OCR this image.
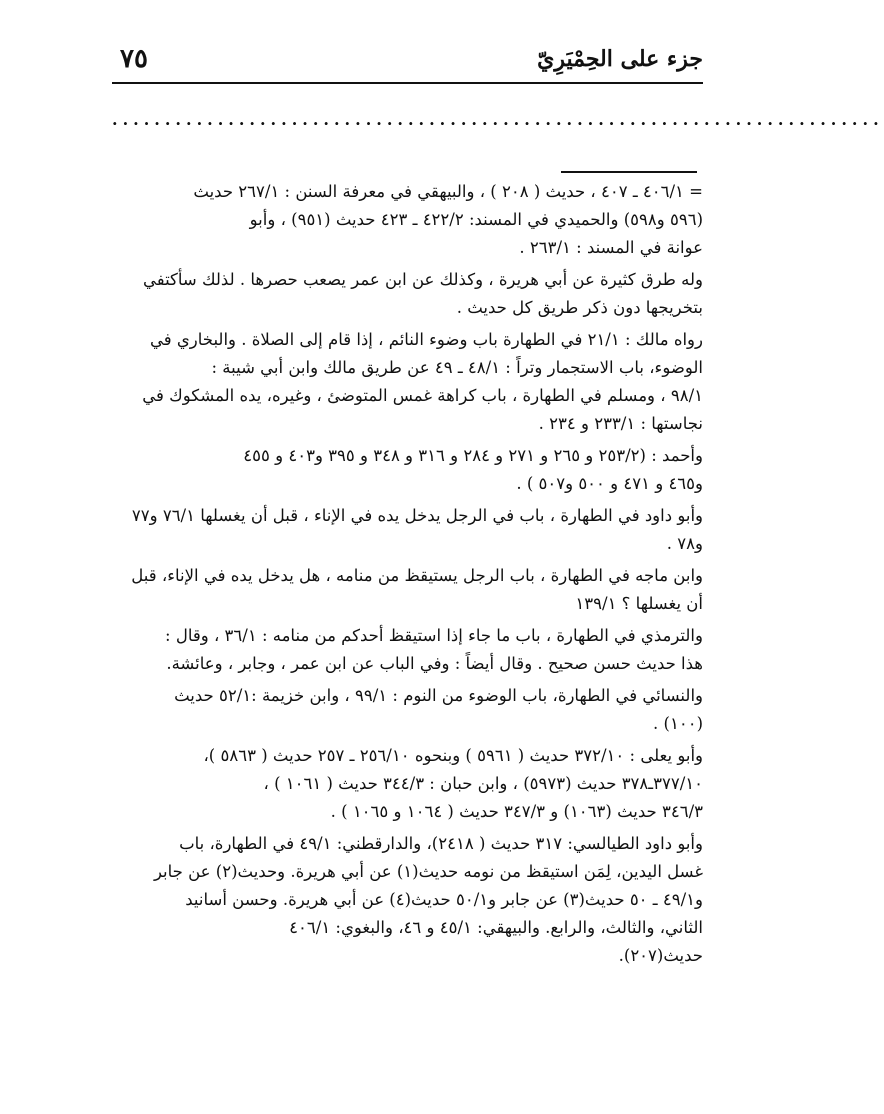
جزء على الحِمْيَرِيّ
٧٥
.........................................................................
= ٤٠٦/١ ـ ٤٠٧ ، حديث ( ٢٠٨ ) ، والبيهقي في معرفة السنن : ٢٦٧/١ حديث
(٥٩٦ و٥٩٨) والحميدي في المسند: ٤٢٢/٢ ـ ٤٢٣ حديث (٩٥١) ، وأبو
عوانة في المسند : ٢٦٣/١ .
وله طرق كثيرة عن أبي هريرة ، وكذلك عن ابن عمر يصعب حصرها . لذلك سأكتفي
بتخريجها دون ذكر طريق كل حديث .
رواه مالك : ٢١/١ في الطهارة باب وضوء النائم ، إذا قام إلى الصلاة . والبخاري في
الوضوء، باب الاستجمار وتراً : ٤٨/١ ـ ٤٩ عن طريق مالك وابن أبي شيبة :
٩٨/١ ، ومسلم في الطهارة ، باب كراهة غمس المتوضئ ، وغيره، يده المشكوك في
نجاستها : ٢٣٣/١ و ٢٣٤ .
وأحمد : (٢٥٣/٢ و ٢٦٥ و ٢٧١ و ٢٨٤ و ٣١٦ و ٣٤٨ و ٣٩٥ و٤٠٣ و ٤٥٥
و٤٦٥ و ٤٧١ و ٥٠٠ و٥٠٧ ) .
وأبو داود في الطهارة ، باب في الرجل يدخل يده في الإناء ، قبل أن يغسلها ٧٦/١ و٧٧
و٧٨ .
وابن ماجه في الطهارة ، باب الرجل يستيقظ من منامه ، هل يدخل يده في الإناء، قبل
أن يغسلها ؟ ١٣٩/١
والترمذي في الطهارة ، باب ما جاء إذا استيقظ أحدكم من منامه : ٣٦/١ ، وقال :
هذا حديث حسن صحيح . وقال أيضاً : وفي الباب عن ابن عمر ، وجابر ، وعائشة.
والنسائي في الطهارة، باب الوضوء من النوم : ٩٩/١ ، وابن خزيمة :٥٢/١ حديث
(١٠٠) .
وأبو يعلى : ٣٧٢/١٠ حديث ( ٥٩٦١ ) وبنحوه ٢٥٦/١٠ ـ ٢٥٧ حديث ( ٥٨٦٣ )،
٣٧٧/١٠ـ٣٧٨ حديث (٥٩٧٣) ، وابن حبان : ٣٤٤/٣ حديث ( ١٠٦١ ) ،
٣٤٦/٣ حديث (١٠٦٣) و ٣٤٧/٣ حديث ( ١٠٦٤ و ١٠٦٥ ) .
وأبو داود الطيالسي: ٣١٧ حديث ( ٢٤١٨)، والدارقطني: ٤٩/١ في الطهارة، باب
غسل اليدين، لِمَن استيقظ من نومه حديث(١) عن أبي هريرة. وحديث(٢) عن جابر
و٤٩/١ ـ ٥٠ حديث(٣) عن جابر و٥٠/١ حديث(٤) عن أبي هريرة. وحسن أسانيد
الثاني، والثالث، والرابع. والبيهقي: ٤٥/١ و ٤٦، والبغوي: ٤٠٦/١
حديث(٢٠٧).
